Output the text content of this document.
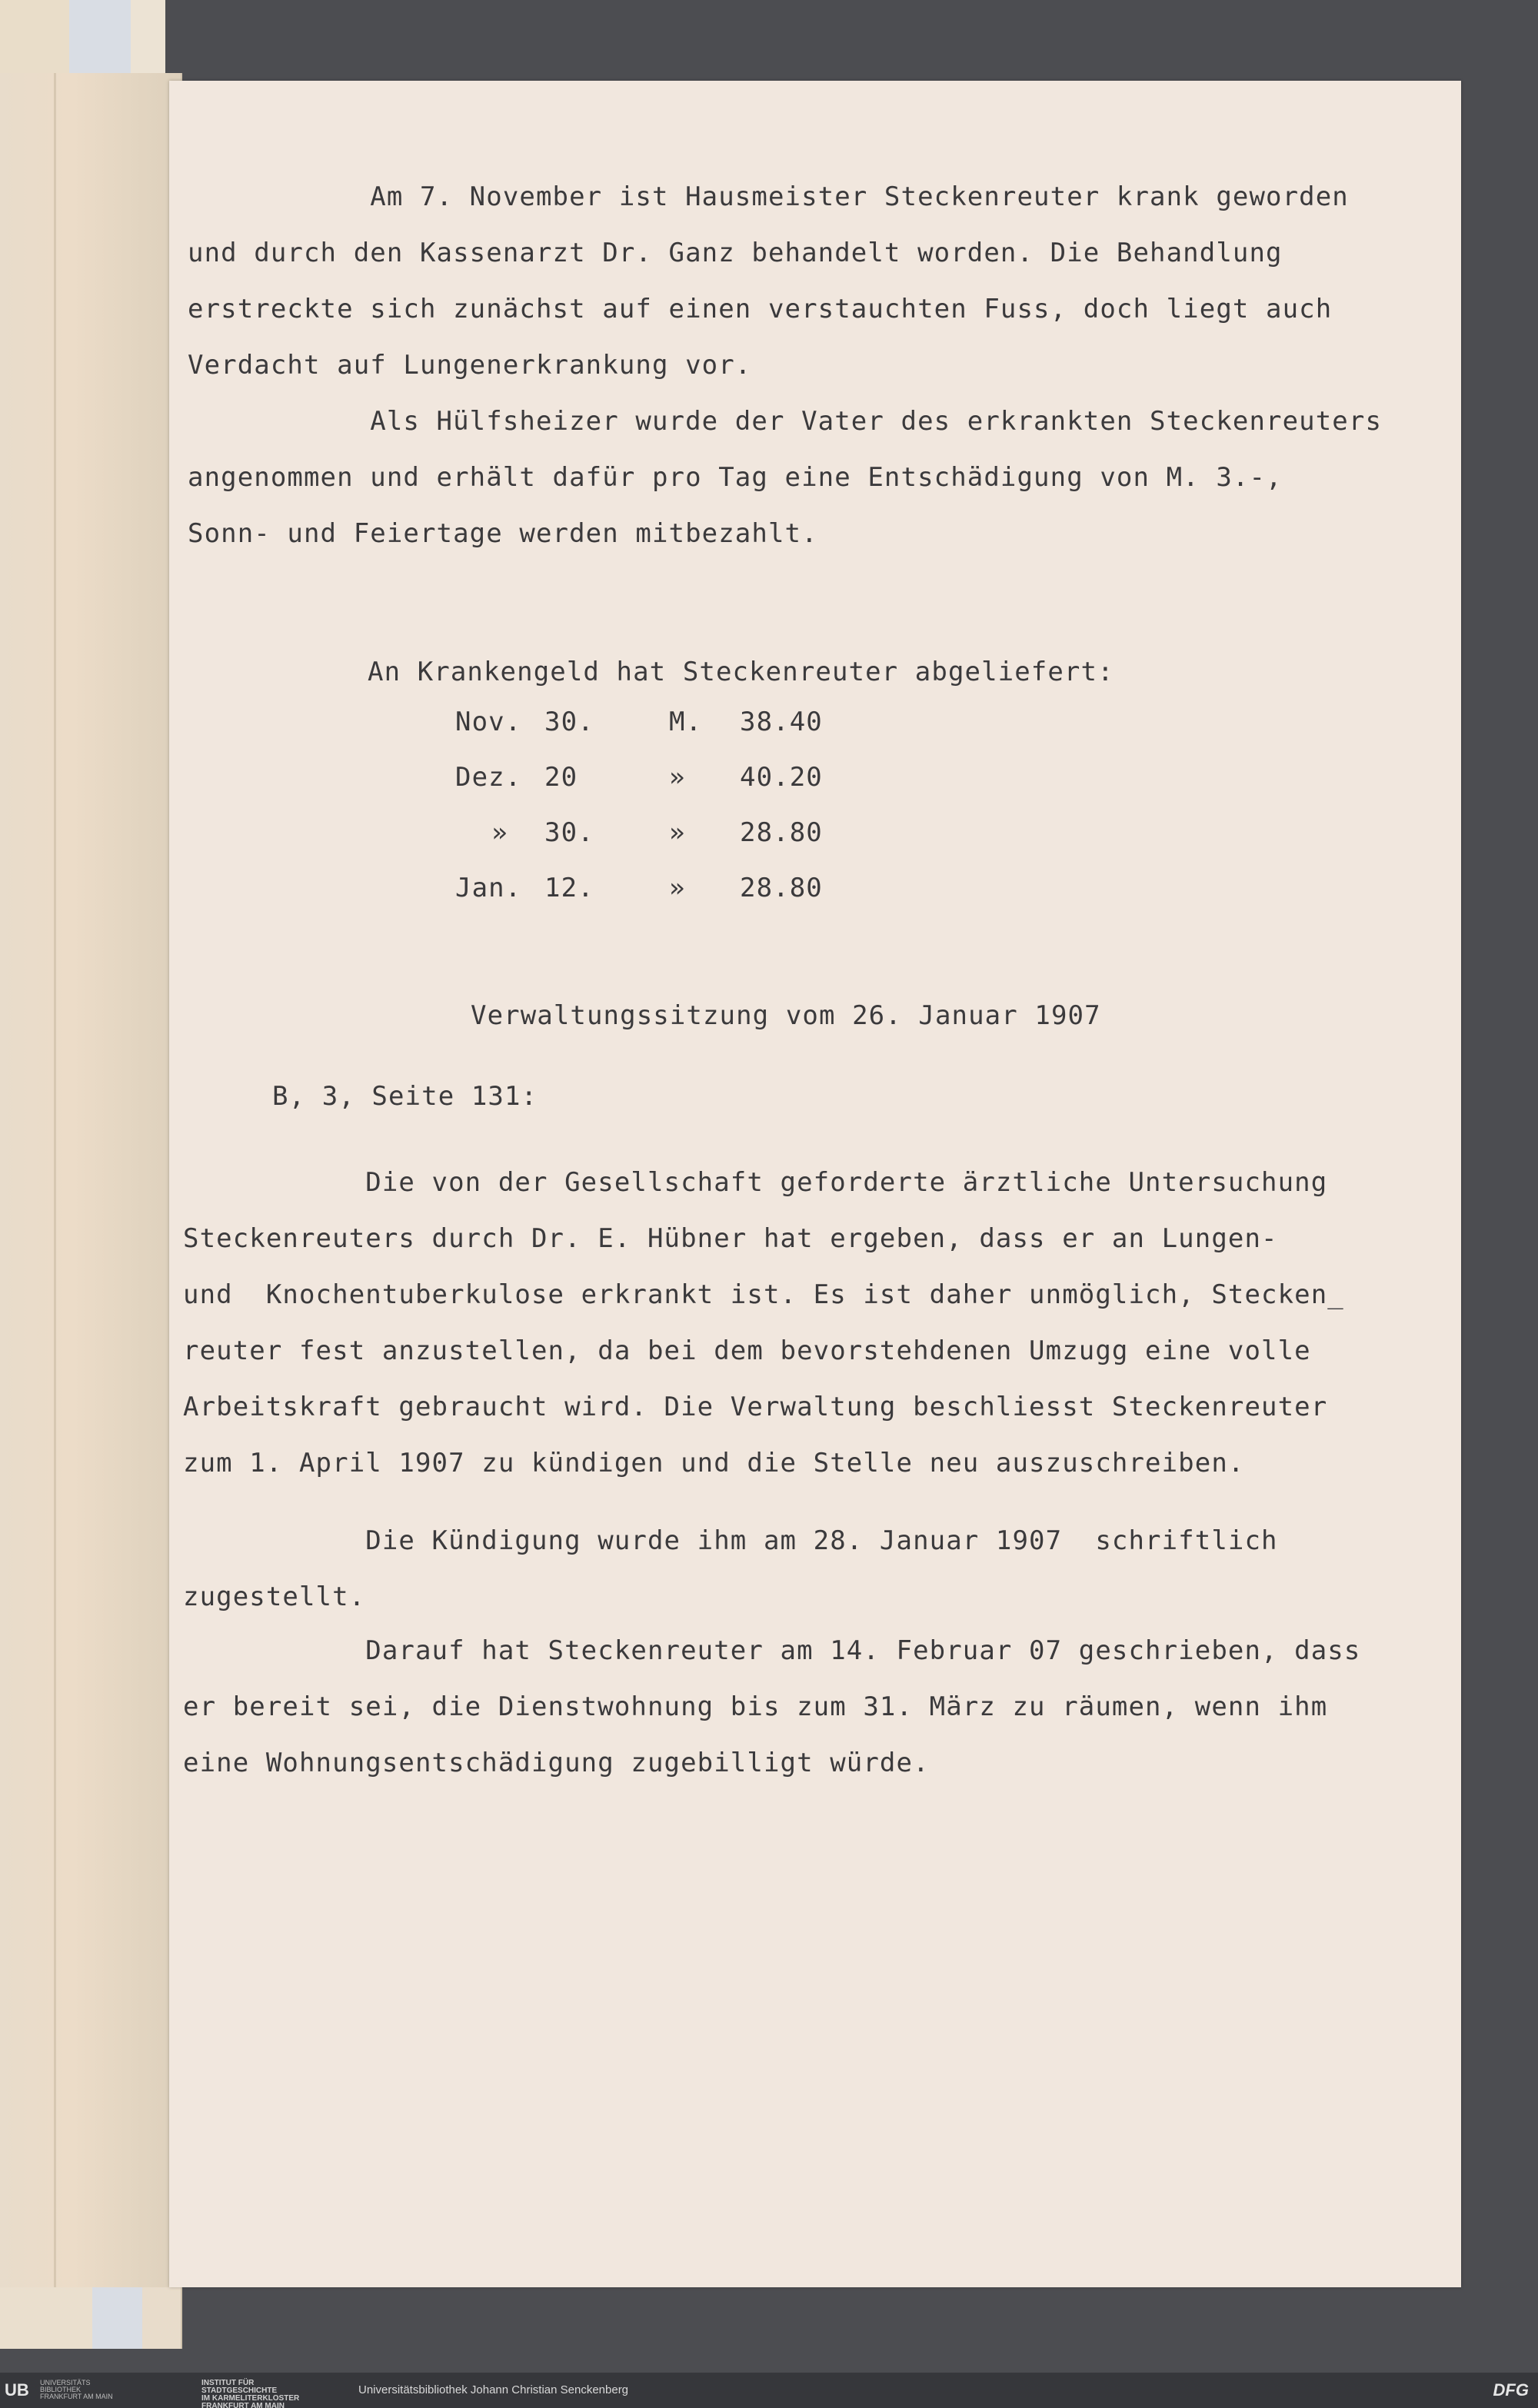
Am 7. November ist Hausmeister Steckenreuter krank geworden
und durch den Kassenarzt Dr. Ganz behandelt worden. Die Behandlung
erstreckte sich zunächst auf einen verstauchten Fuss, doch liegt auch
Verdacht auf Lungenerkrankung vor.
Als Hülfsheizer wurde der Vater des erkrankten Steckenreuters
angenommen und erhält dafür pro Tag eine Entschädigung von M. 3.-,
Sonn- und Feiertage werden mitbezahlt.

An Krankengeld hat Steckenreuter abgeliefert:

Nov.	30.	M.	38.40
Dez.	20	»	40.20
»	30.	»	28.80
Jan.	12.	»	28.80

Verwaltungssitzung vom 26. Januar 1907

B, 3, Seite 131:

Die von der Gesellschaft geforderte ärztliche Untersuchung
Steckenreuters durch Dr. E. Hübner hat ergeben, dass er an Lungen-
und  Knochentuberkulose erkrankt ist. Es ist daher unmöglich, Stecken_
reuter fest anzustellen, da bei dem bevorstehdenen Umzugg eine volle
Arbeitskraft gebraucht wird. Die Verwaltung beschliesst Steckenreuter
zum 1. April 1907 zu kündigen und die Stelle neu auszuschreiben.

Die Kündigung wurde ihm am 28. Januar 1907  schriftlich
zugestellt.

Darauf hat Steckenreuter am 14. Februar 07 geschrieben, dass
er bereit sei, die Dienstwohnung bis zum 31. März zu räumen, wenn ihm
eine Wohnungsentschädigung zugebilligt würde.

UB UNIVERSITÄTS
BIBLIOTHEK
FRANKFURT AM MAIN
INSTITUT FÜR
STADTGESCHICHTE
IM KARMELITERKLOSTER
FRANKFURT AM MAIN
Universitätsbibliothek Johann Christian Senckenberg	DFG
